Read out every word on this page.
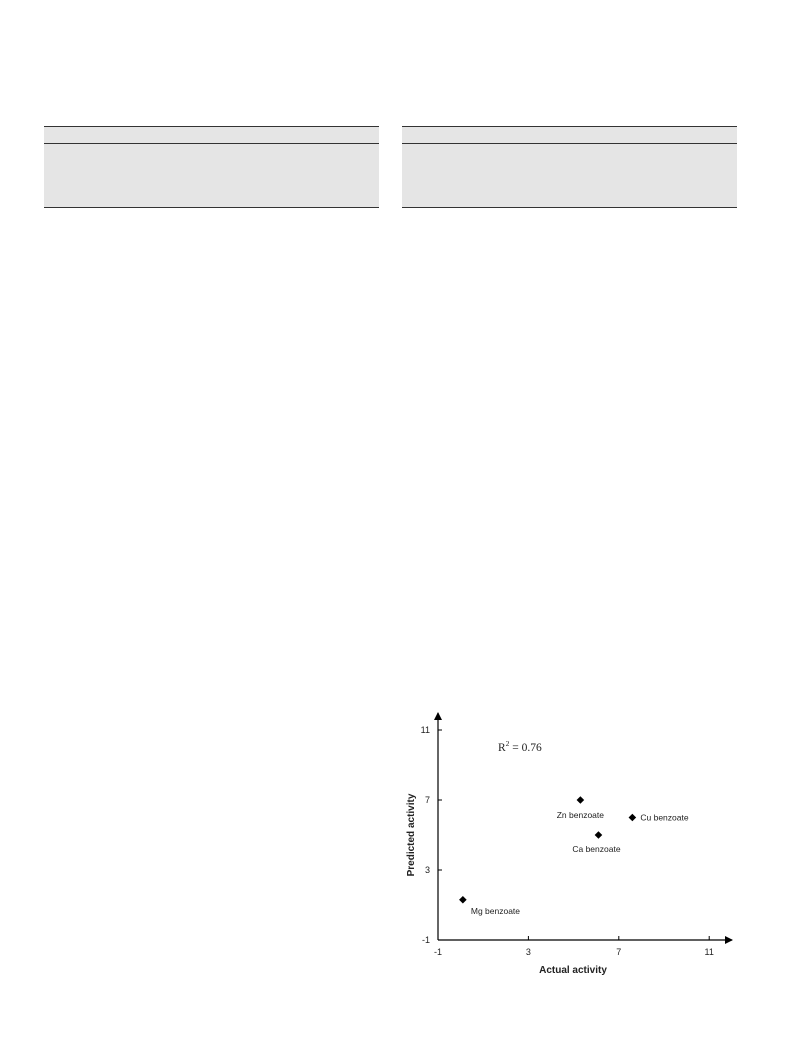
-1	3	7	11
-1
3
7
11
Mg benzoate
Zn benzoate	Cu benzoate
Ca benzoate
$R^2 = 0.76$
Actual activity
Predicted activity
